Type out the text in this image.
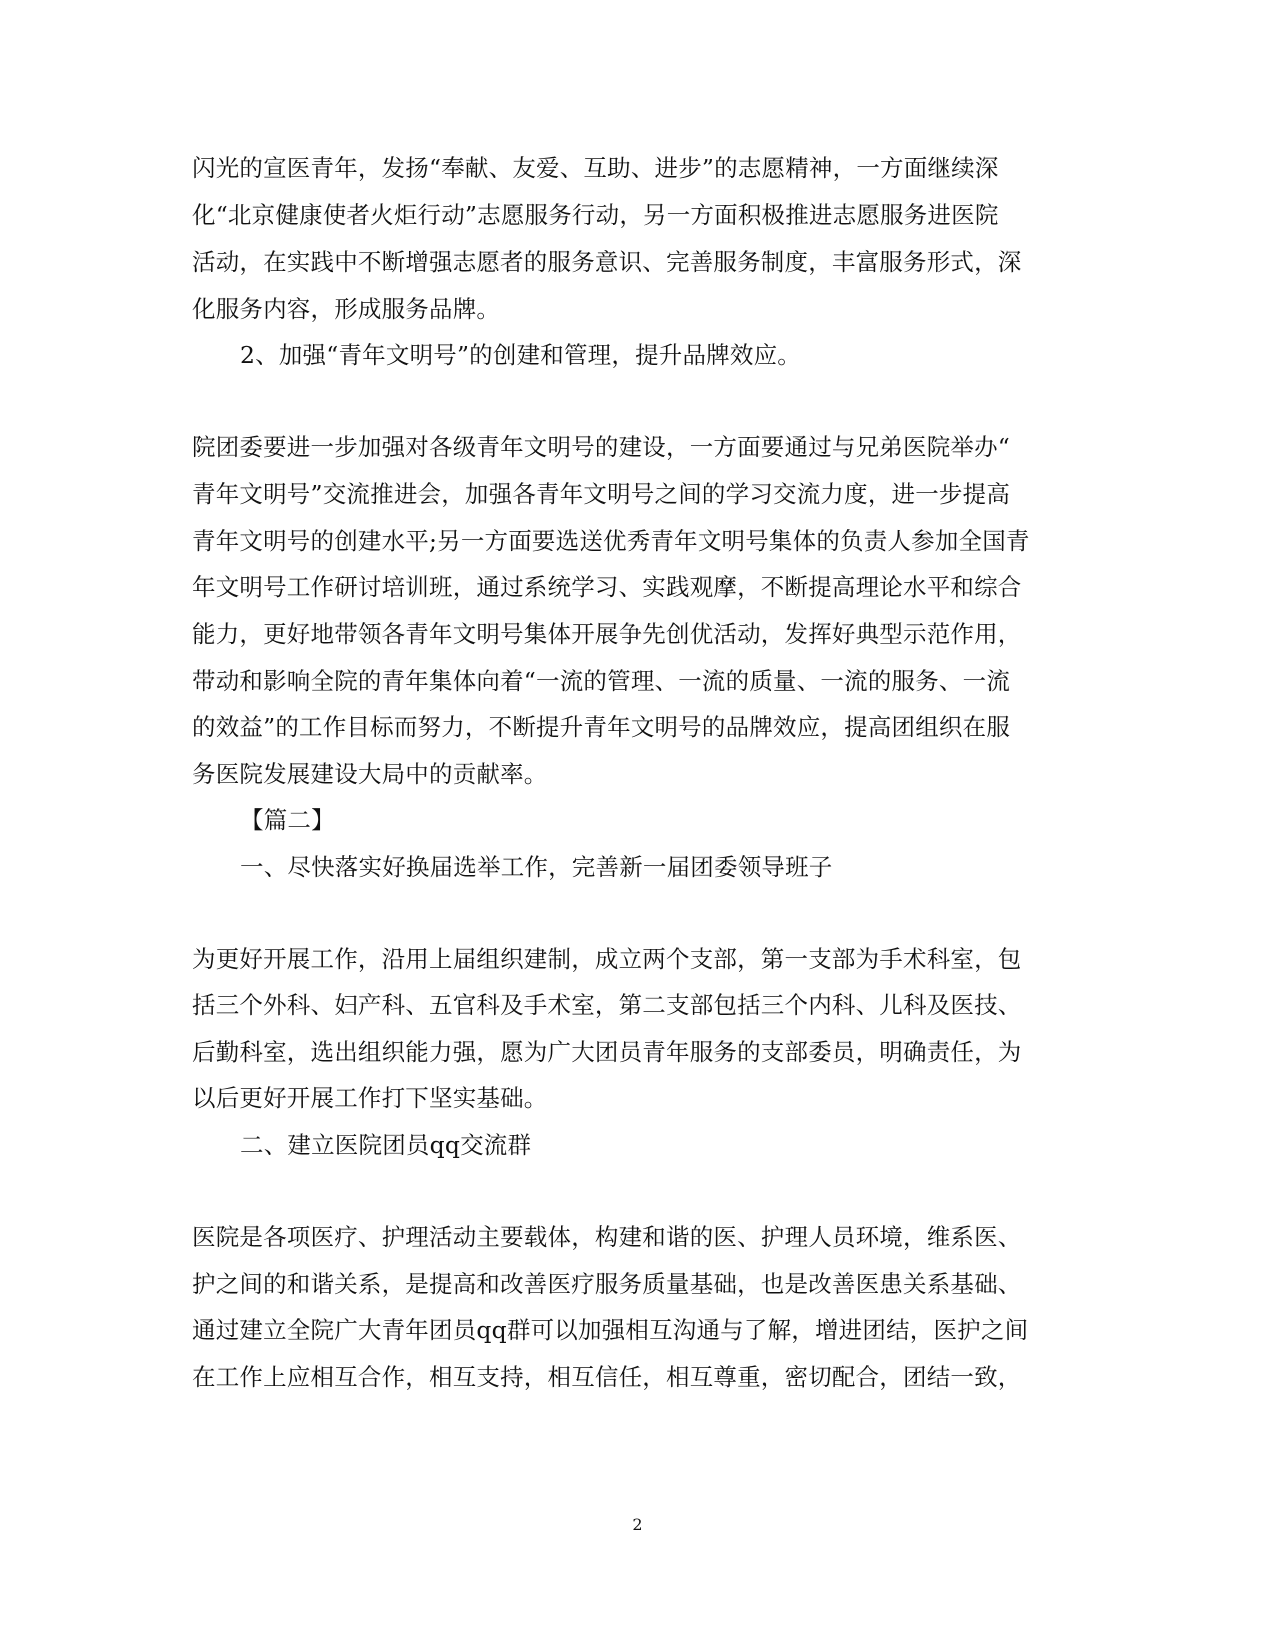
闪光的宣医青年，发扬“奉献、友爱、互助、进步”的志愿精神，一方面继续深
化“北京健康使者火炬行动”志愿服务行动，另一方面积极推进志愿服务进医院
活动，在实践中不断增强志愿者的服务意识、完善服务制度，丰富服务形式，深
化服务内容，形成服务品牌。
2、加强“青年文明号”的创建和管理，提升品牌效应。
院团委要进一步加强对各级青年文明号的建设，一方面要通过与兄弟医院举办“
青年文明号”交流推进会，加强各青年文明号之间的学习交流力度，进一步提高
青年文明号的创建水平;另一方面要选送优秀青年文明号集体的负责人参加全国青
年文明号工作研讨培训班，通过系统学习、实践观摩，不断提高理论水平和综合
能力，更好地带领各青年文明号集体开展争先创优活动，发挥好典型示范作用，
带动和影响全院的青年集体向着“一流的管理、一流的质量、一流的服务、一流
的效益”的工作目标而努力，不断提升青年文明号的品牌效应，提高团组织在服
务医院发展建设大局中的贡献率。
【篇二】
一、尽快落实好换届选举工作，完善新一届团委领导班子
为更好开展工作，沿用上届组织建制，成立两个支部，第一支部为手术科室，包
括三个外科、妇产科、五官科及手术室，第二支部包括三个内科、儿科及医技、
后勤科室，选出组织能力强，愿为广大团员青年服务的支部委员，明确责任，为
以后更好开展工作打下坚实基础。
二、建立医院团员qq交流群
医院是各项医疗、护理活动主要载体，构建和谐的医、护理人员环境，维系医、
护之间的和谐关系，是提高和改善医疗服务质量基础，也是改善医患关系基础、
通过建立全院广大青年团员qq群可以加强相互沟通与了解，增进团结，医护之间
在工作上应相互合作，相互支持，相互信任，相互尊重，密切配合，团结一致，
2
